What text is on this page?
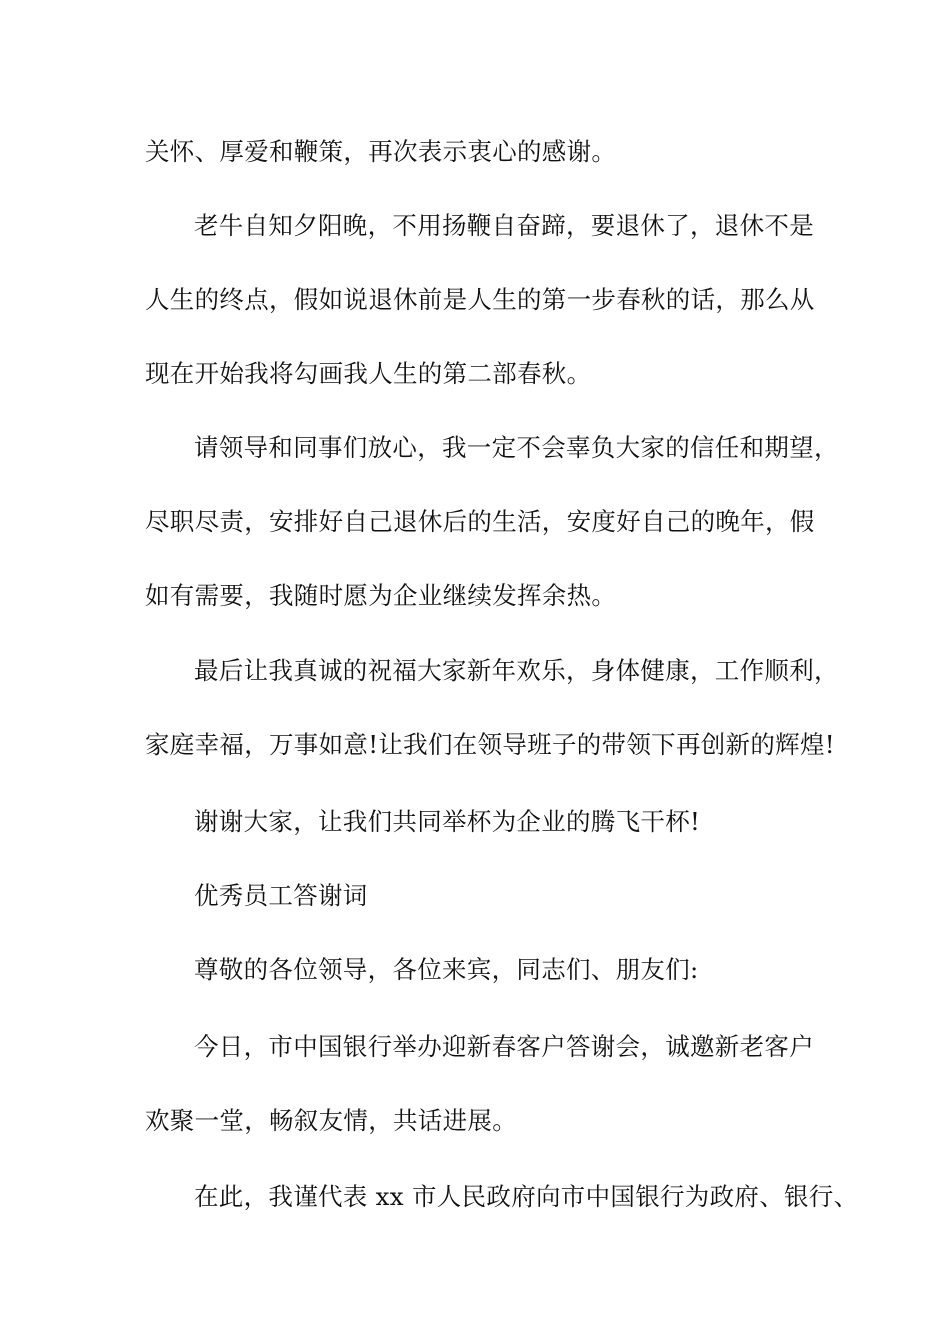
关怀、厚爱和鞭策，再次表示衷心的感谢。
老牛自知夕阳晚，不用扬鞭自奋蹄，要退休了，退休不是
人生的终点，假如说退休前是人生的第一步春秋的话，那么从
现在开始我将勾画我人生的第二部春秋。
请领导和同事们放心，我一定不会辜负大家的信任和期望，
尽职尽责，安排好自己退休后的生活，安度好自己的晚年，假
如有需要，我随时愿为企业继续发挥余热。
最后让我真诚的祝福大家新年欢乐，身体健康，工作顺利，
家庭幸福，万事如意!让我们在领导班子的带领下再创新的辉煌!
谢谢大家，让我们共同举杯为企业的腾飞干杯!
优秀员工答谢词
尊敬的各位领导，各位来宾，同志们、朋友们:
今日，市中国银行举办迎新春客户答谢会，诚邀新老客户
欢聚一堂，畅叙友情，共话进展。
在此，我谨代表 xx 市人民政府向市中国银行为政府、银行、
